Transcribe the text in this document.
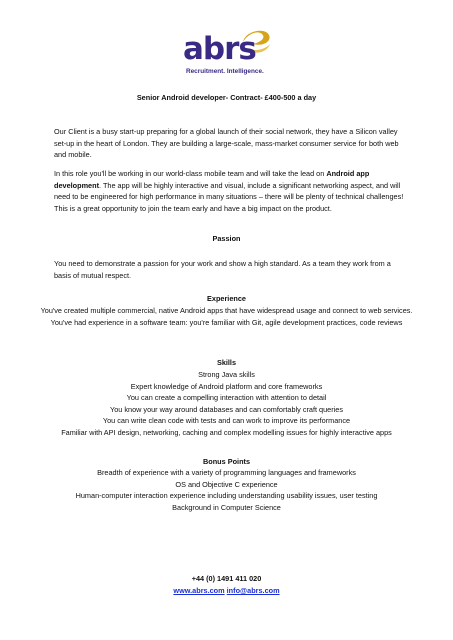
abrs
Recruitment. Intelligence.
Senior Android developer- Contract- £400-500 a day

Our Client is a busy start-up preparing for a global launch of their social network, they have a Silicon valley set-up in the heart of London. They are building a large-scale, mass-market consumer service for both web and mobile.

In this role you'll be working in our world-class mobile team and will take the lead on Android app development. The app will be highly interactive and visual, include a significant networking aspect, and will need to be engineered for high performance in many situations – there will be plenty of technical challenges! This is a great opportunity to join the team early and have a big impact on the product.

Passion

You need to demonstrate a passion for your work and show a high standard. As a team they work from a basis of mutual respect.

Experience
You've created multiple commercial, native Android apps that have widespread usage and connect to web services.
You've had experience in a software team: you're familiar with Git, agile development practices, code reviews
Skills
Strong Java skills
Expert knowledge of Android platform and core frameworks
You can create a compelling interaction with attention to detail
You know your way around databases and can comfortably craft queries
You can write clean code with tests and can work to improve its performance
Familiar with API design, networking, caching and complex modelling issues for highly interactive apps
Bonus Points
Breadth of experience with a variety of programming languages and frameworks
OS and Objective C experience
Human-computer interaction experience including understanding usability issues, user testing
Background in Computer Science
+44 (0) 1491 411 020
www.abrs.com info@abrs.com
